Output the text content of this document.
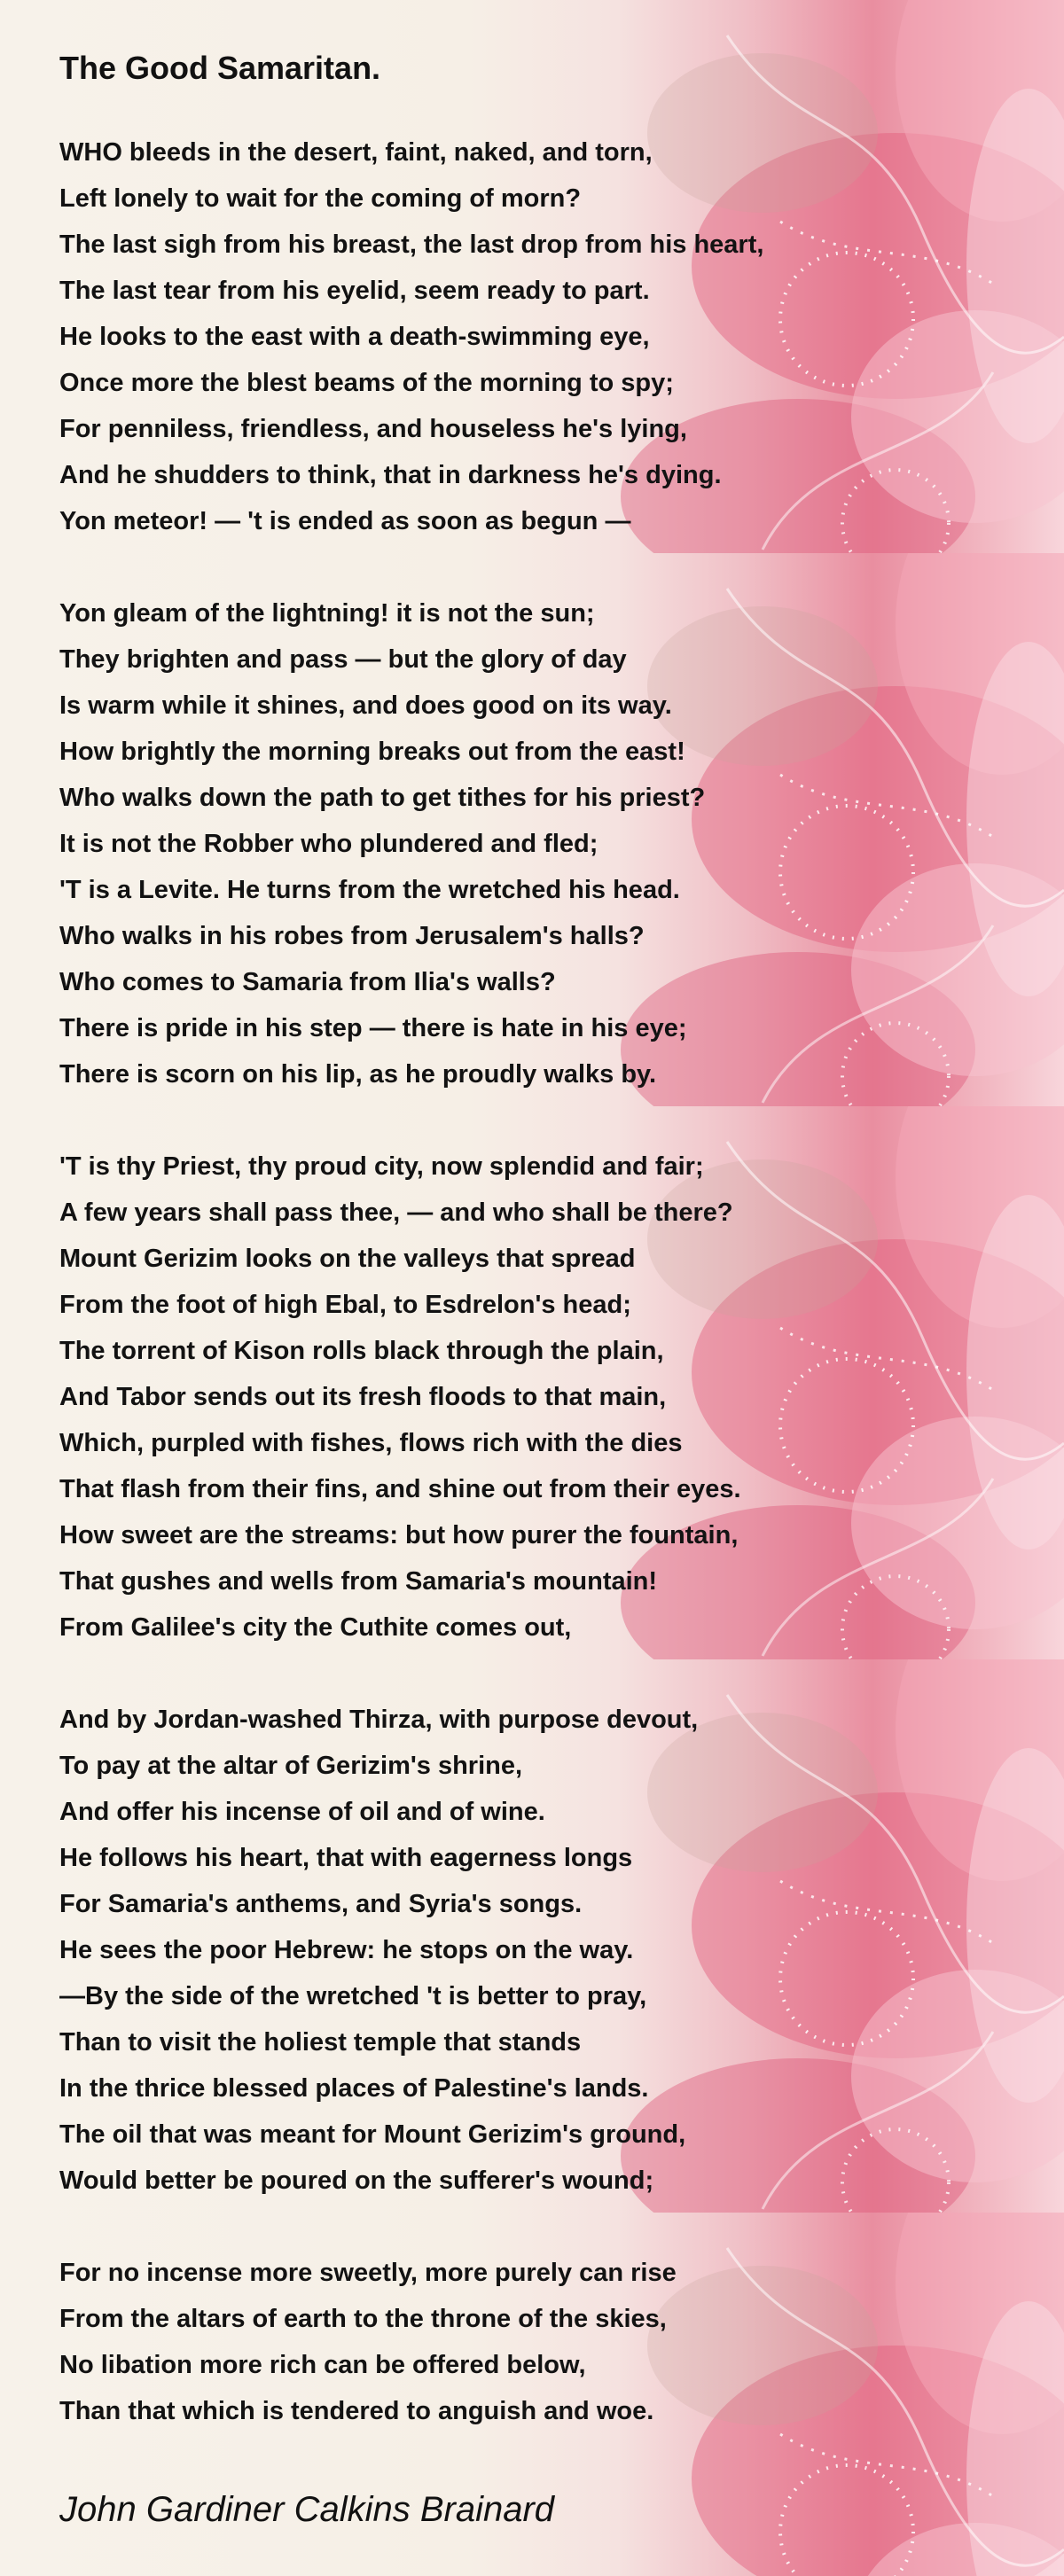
The Good Samaritan.
WHO bleeds in the desert, faint, naked, and torn,
Left lonely to wait for the coming of morn?
The last sigh from his breast, the last drop from his heart,
The last tear from his eyelid, seem ready to part.
He looks to the east with a death-swimming eye,
Once more the blest beams of the morning to spy;
For penniless, friendless, and houseless he's lying,
And he shudders to think, that in darkness he's dying.
Yon meteor! — 't is ended as soon as begun —
Yon gleam of the lightning! it is not the sun;
They brighten and pass — but the glory of day
Is warm while it shines, and does good on its way.
How brightly the morning breaks out from the east!
Who walks down the path to get tithes for his priest?
It is not the Robber who plundered and fled;
'T is a Levite. He turns from the wretched his head.
Who walks in his robes from Jerusalem's halls?
Who comes to Samaria from Ilia's walls?
There is pride in his step — there is hate in his eye;
There is scorn on his lip, as he proudly walks by.
'T is thy Priest, thy proud city, now splendid and fair;
A few years shall pass thee, — and who shall be there?
Mount Gerizim looks on the valleys that spread
From the foot of high Ebal, to Esdrelon's head;
The torrent of Kison rolls black through the plain,
And Tabor sends out its fresh floods to that main,
Which, purpled with fishes, flows rich with the dies
That flash from their fins, and shine out from their eyes.
How sweet are the streams: but how purer the fountain,
That gushes and wells from Samaria's mountain!
From Galilee's city the Cuthite comes out,
And by Jordan-washed Thirza, with purpose devout,
To pay at the altar of Gerizim's shrine,
And offer his incense of oil and of wine.
He follows his heart, that with eagerness longs
For Samaria's anthems, and Syria's songs.
He sees the poor Hebrew: he stops on the way.
—By the side of the wretched 't is better to pray,
Than to visit the holiest temple that stands
In the thrice blessed places of Palestine's lands.
The oil that was meant for Mount Gerizim's ground,
Would better be poured on the sufferer's wound;
For no incense more sweetly, more purely can rise
From the altars of earth to the throne of the skies,
No libation more rich can be offered below,
Than that which is tendered to anguish and woe.

John Gardiner Calkins Brainard
